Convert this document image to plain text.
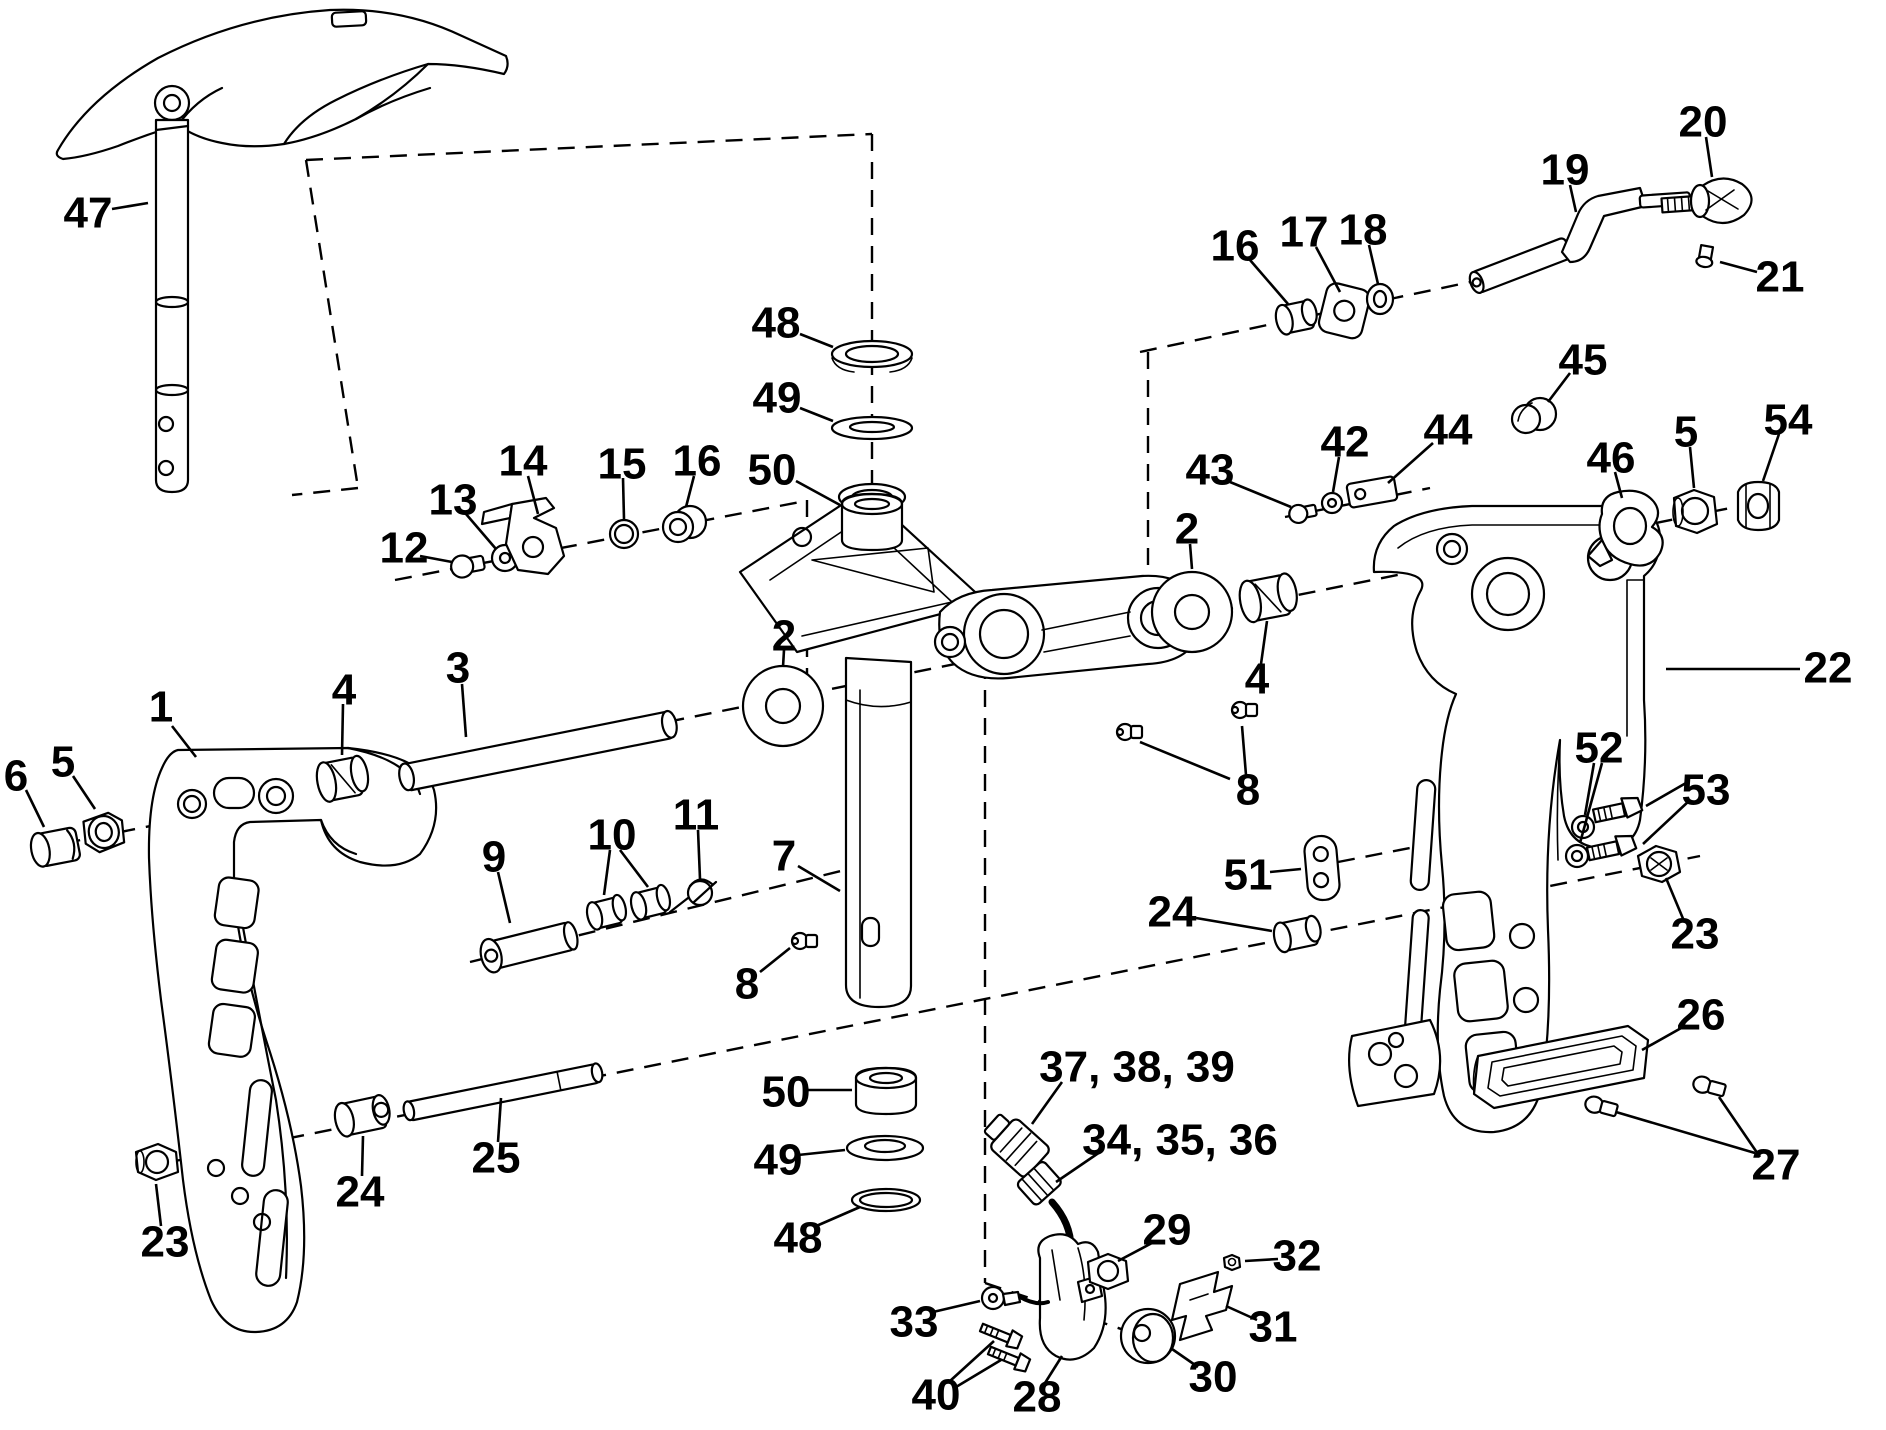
47
48
49
50
13
14 15 16
12
2
3
4
1
6 5
9 10 11
7
8
50
49
48
23
24
25
16 17 18
19
20
21
45
43
42 44
46
5 54
2
4	22
52
53
23
51
24
8
26
27
37, 38, 39
34, 35, 36
29
32
31
30
33
40 28
